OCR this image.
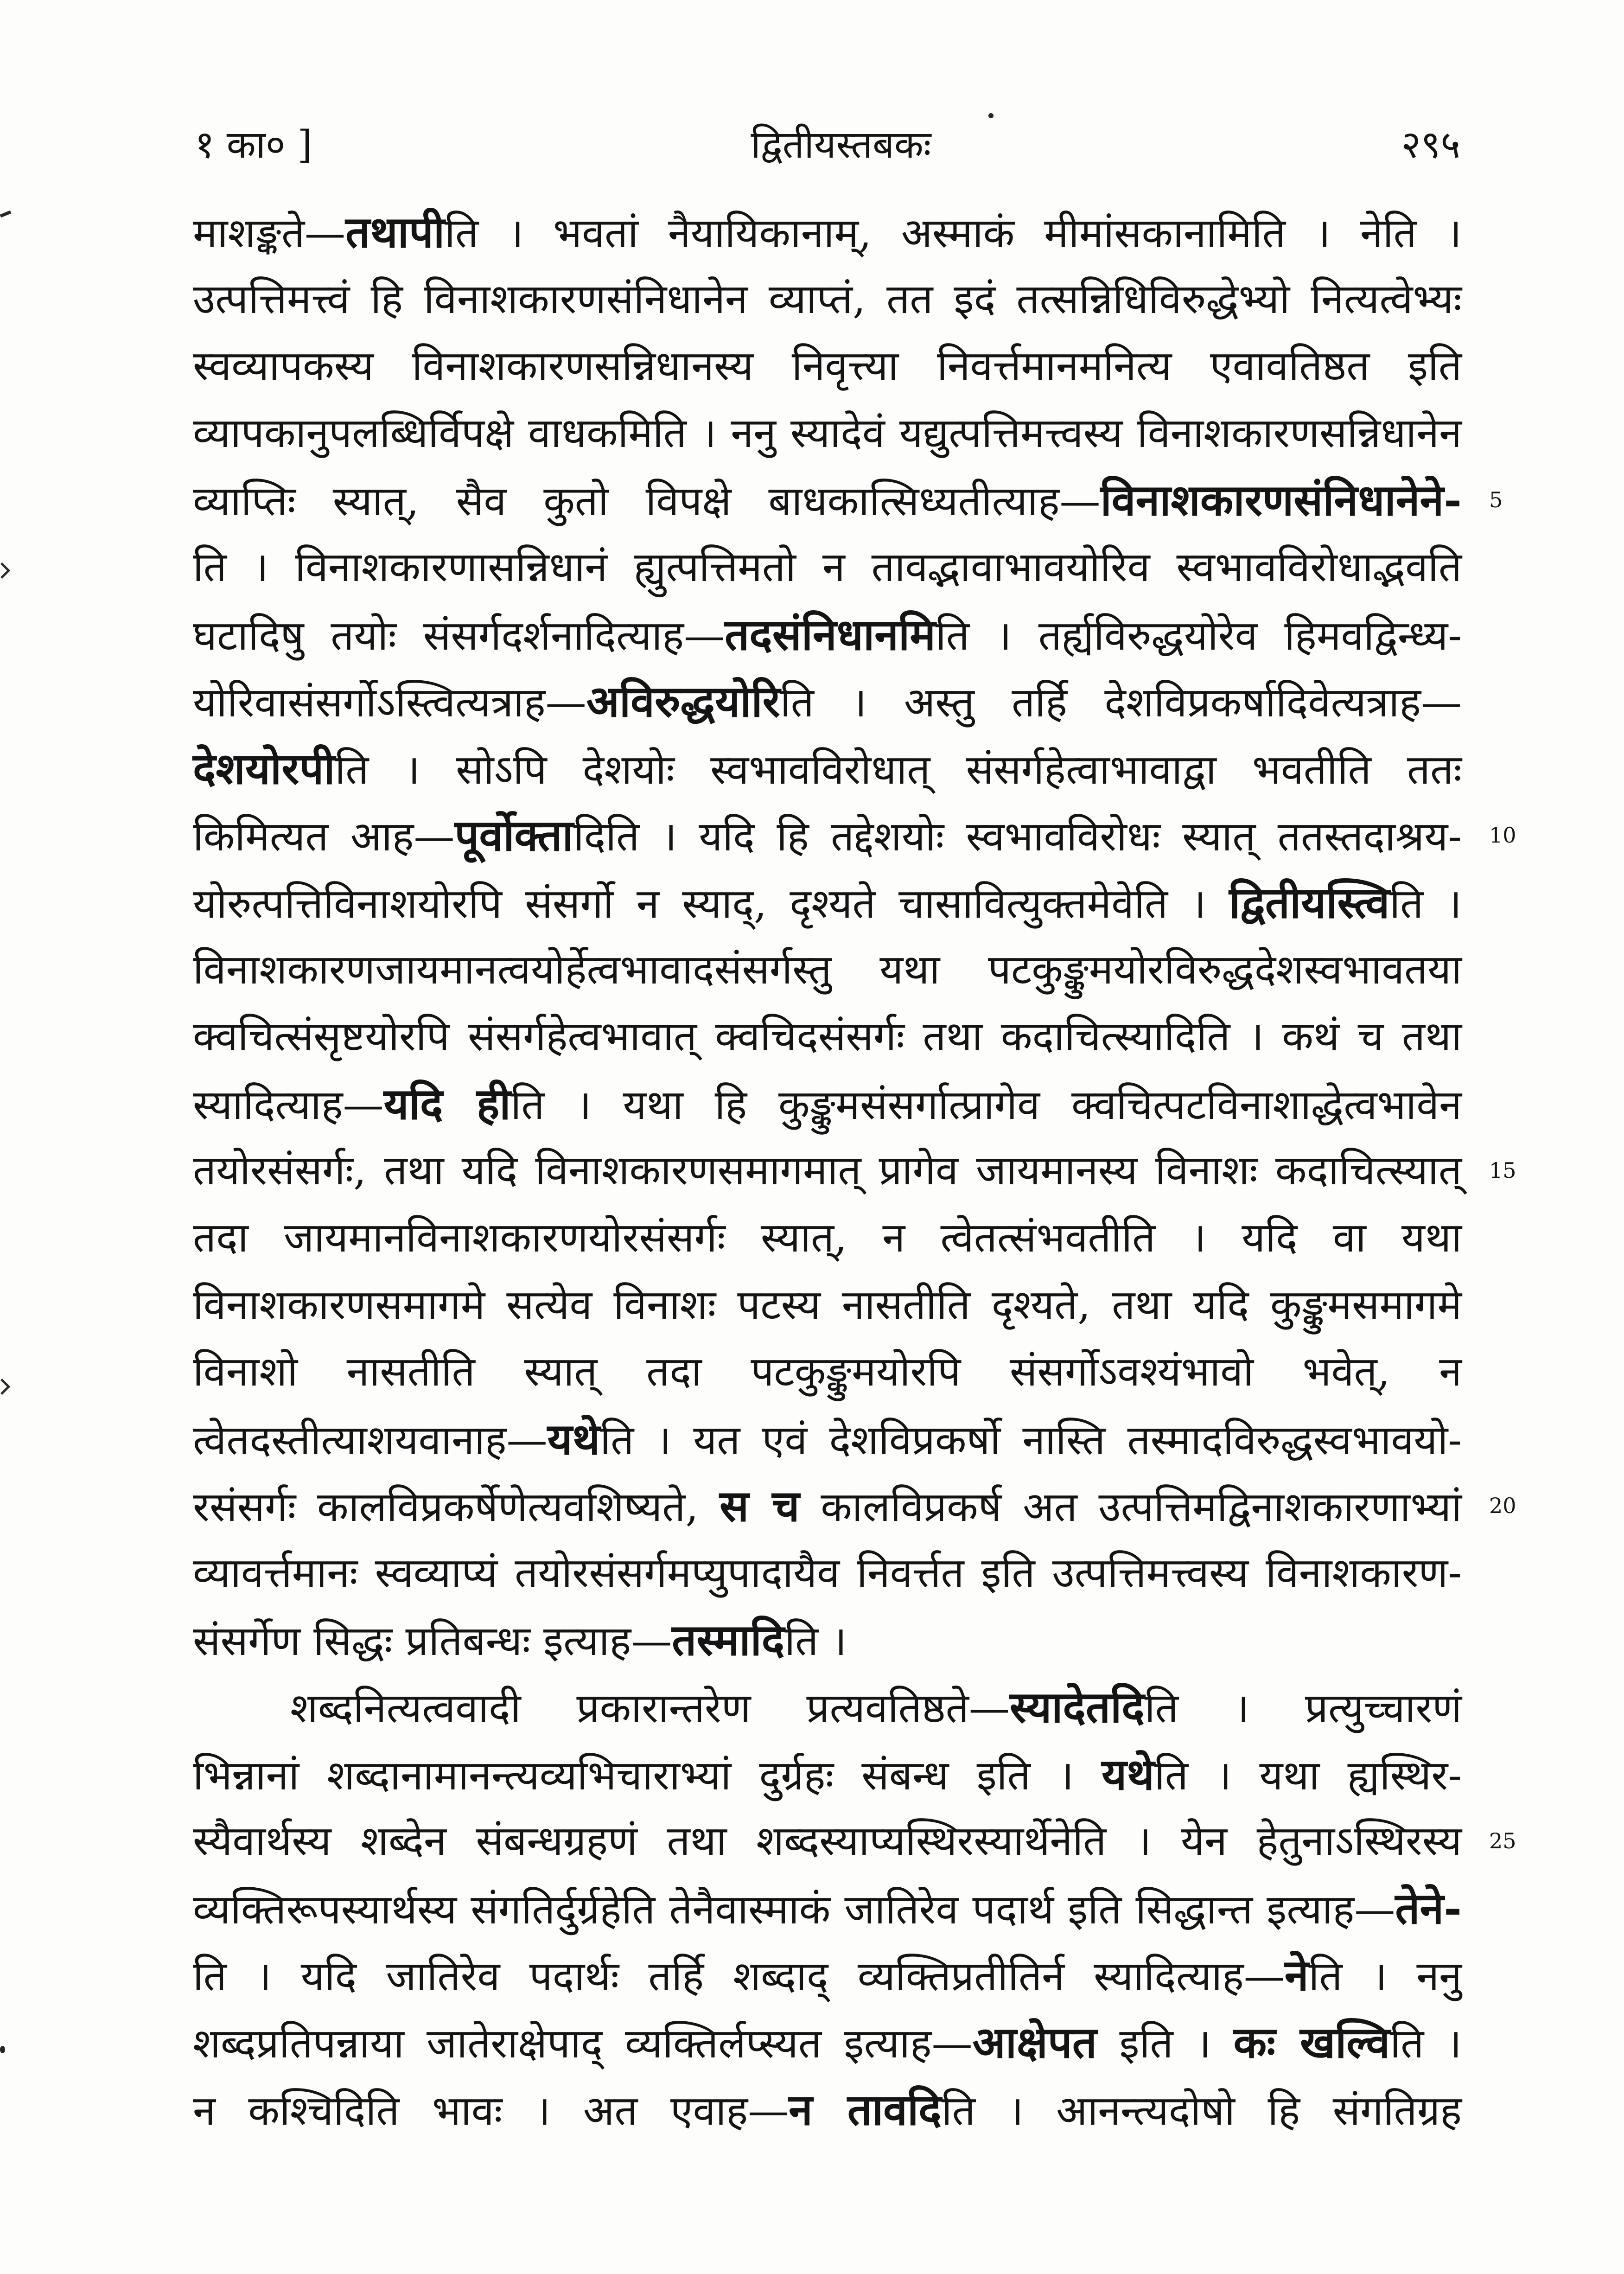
१ का० ]	द्वितीयस्तबकः	२९५
माशङ्कते—तथापीति । भवतां नैयायिकानाम्, अस्माकं मीमांसकानामिति । नेति ।
उत्पत्तिमत्त्वं हि विनाशकारणसंनिधानेन व्याप्तं, तत इदं तत्सन्निधिविरुद्धेभ्यो नित्यत्वेभ्यः
स्वव्यापकस्य विनाशकारणसन्निधानस्य निवृत्त्या निवर्त्तमानमनित्य एवावतिष्ठत इति
व्यापकानुपलब्धिर्विपक्षे वाधकमिति । ननु स्यादेवं यद्युत्पत्तिमत्त्वस्य विनाशकारणसन्निधानेन
व्याप्तिः स्यात्, सैव कुतो विपक्षे बाधकात्सिध्यतीत्याह—विनाशकारणसंनिधानेने-
ति । विनाशकारणासन्निधानं ह्युत्पत्तिमतो न तावद्भावाभावयोरिव स्वभावविरोधाद्भवति
घटादिषु तयोः संसर्गदर्शनादित्याह—तदसंनिधानमिति । तर्ह्यविरुद्धयोरेव हिमवद्विन्ध्य-
योरिवासंसर्गोऽस्त्वित्यत्राह—अविरुद्धयोरिति । अस्तु तर्हि देशविप्रकर्षादिवेत्यत्राह—
देशयोरपीति । सोऽपि देशयोः स्वभावविरोधात् संसर्गहेत्वाभावाद्वा भवतीति ततः
किमित्यत आह—पूर्वोक्तादिति । यदि हि तद्देशयोः स्वभावविरोधः स्यात् ततस्तदाश्रय-
योरुत्पत्तिविनाशयोरपि संसर्गो न स्याद्, दृश्यते चासावित्युक्तमेवेति । द्वितीयस्त्विति ।
विनाशकारणजायमानत्वयोर्हेत्वभावादसंसर्गस्तु यथा पटकुङ्कुमयोरविरुद्धदेशस्वभावतया
क्वचित्संसृष्टयोरपि संसर्गहेत्वभावात् क्वचिदसंसर्गः तथा कदाचित्स्यादिति । कथं च तथा
स्यादित्याह—यदि हीति । यथा हि कुङ्कुमसंसर्गात्प्रागेव क्वचित्पटविनाशाद्धेत्वभावेन
तयोरसंसर्गः, तथा यदि विनाशकारणसमागमात् प्रागेव जायमानस्य विनाशः कदाचित्स्यात्
तदा जायमानविनाशकारणयोरसंसर्गः स्यात्, न त्वेतत्संभवतीति । यदि वा यथा
विनाशकारणसमागमे सत्येव विनाशः पटस्य नासतीति दृश्यते, तथा यदि कुङ्कुमसमागमे
विनाशो नासतीति स्यात् तदा पटकुङ्कुमयोरपि संसर्गोऽवश्यंभावो भवेत्, न
त्वेतदस्तीत्याशयवानाह—यथेति । यत एवं देशविप्रकर्षो नास्ति तस्मादविरुद्धस्वभावयो-
रसंसर्गः कालविप्रकर्षेणेत्यवशिष्यते, स च कालविप्रकर्ष अत उत्पत्तिमद्विनाशकारणाभ्यां
व्यावर्त्तमानः स्वव्याप्यं तयोरसंसर्गमप्युपादायैव निवर्त्तत इति उत्पत्तिमत्त्वस्य विनाशकारण-
संसर्गेण सिद्धः प्रतिबन्धः इत्याह—तस्मादिति ।
शब्दनित्यत्ववादी प्रकारान्तरेण प्रत्यवतिष्ठते—स्यादेतदिति । प्रत्युच्चारणं
भिन्नानां शब्दानामानन्त्यव्यभिचाराभ्यां दुर्ग्रहः संबन्ध इति । यथेति । यथा ह्यस्थिर-
स्यैवार्थस्य शब्देन संबन्धग्रहणं तथा शब्दस्याप्यस्थिरस्यार्थेनेति । येन हेतुनाऽस्थिरस्य
व्यक्तिरूपस्यार्थस्य संगतिर्दुर्ग्रहेति तेनैवास्माकं जातिरेव पदार्थ इति सिद्धान्त इत्याह—तेने-
ति । यदि जातिरेव पदार्थः तर्हि शब्दाद् व्यक्तिप्रतीतिर्न स्यादित्याह—नेति । ननु
शब्दप्रतिपन्नाया जातेराक्षेपाद् व्यक्तिर्लप्स्यत इत्याह—आक्षेपत इति । कः खल्विति ।
न कश्चिदिति भावः । अत एवाह—न तावदिति । आनन्त्यदोषो हि संगतिग्रह
5
10
15
20
25
